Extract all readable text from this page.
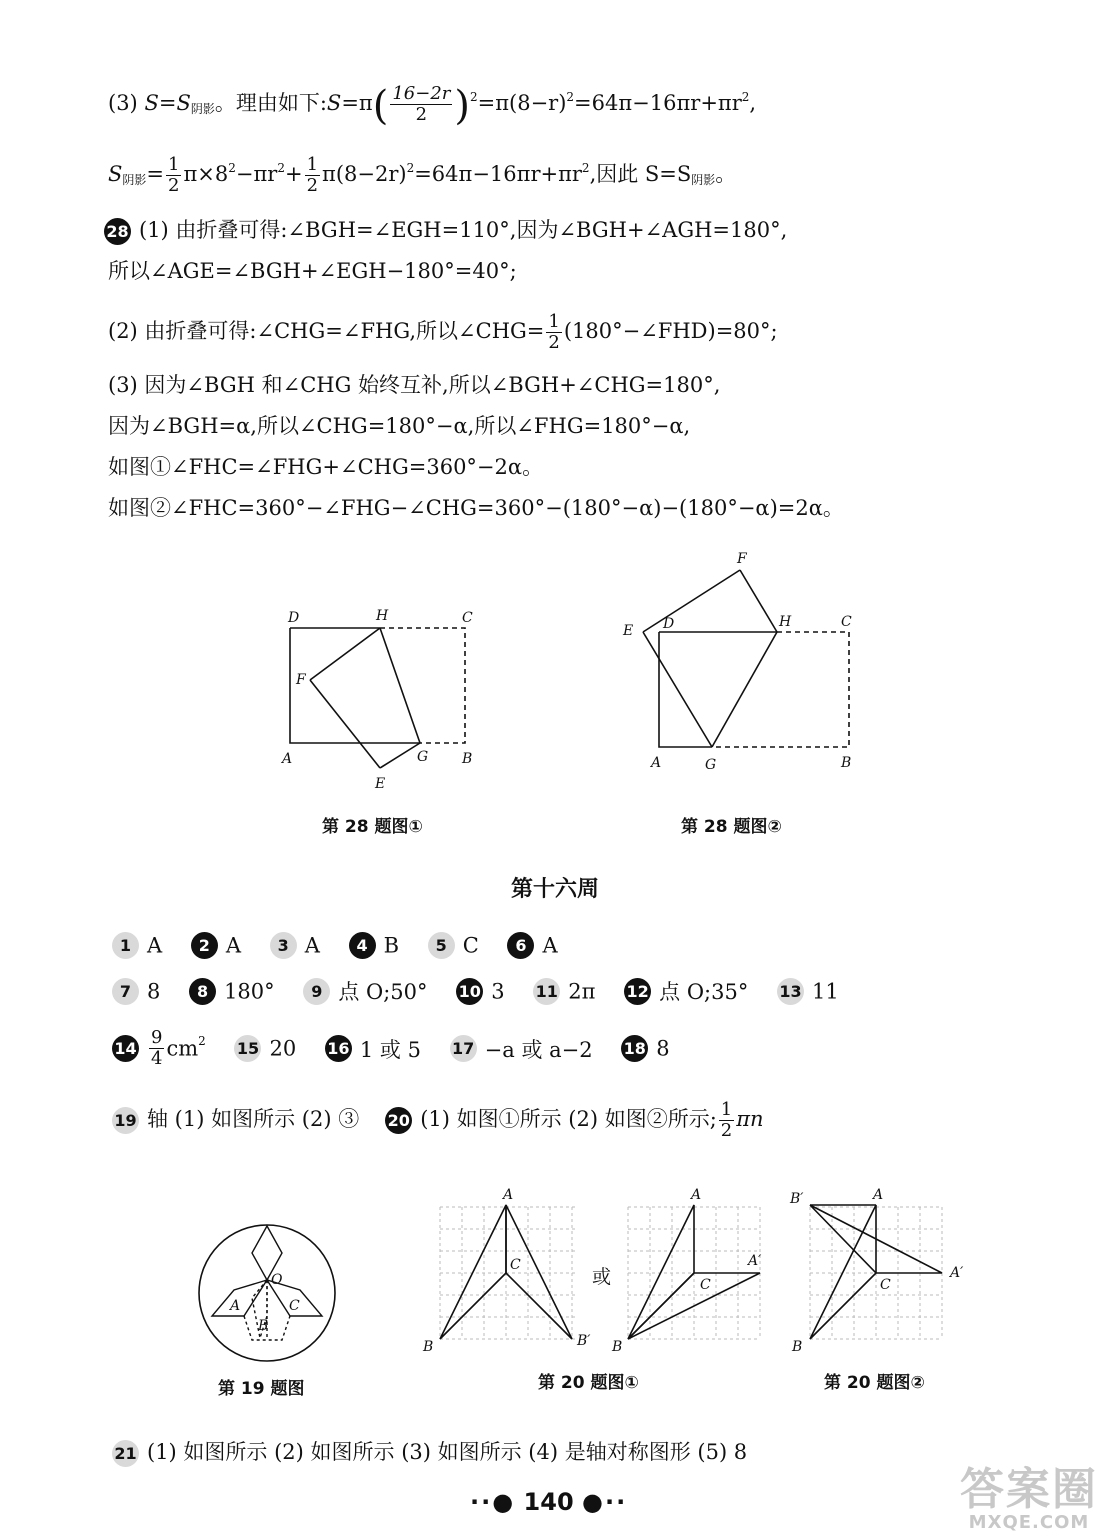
(3) $S=S_{阴影}$。理由如下:S=π( $\frac{16-2r}{2} )^2=\pi(8-r)^2=64\pi-16\pi r+\pi r^2$,
$S_{阴影}= \frac{1}{2} \pi\times 8^2-\pi r^2+ \frac{1}{2} \pi(8-2r)^2=64\pi-16\pi r+\pi r^2$,因此 $S=S_{阴影}$。
28 (1) 由折叠可得:∠BGH=∠EGH=110°,因为∠BGH+∠AGH=180°,
所以∠AGE=∠BGH+∠EGH−180°=40°;
(2) 由折叠可得:∠CHG=∠FHG,所以∠CHG= $\frac{1}{2}$ (180°−∠FHD)=80°;
(3) 因为∠BGH 和∠CHG 始终互补,所以∠BGH+∠CHG=180°,
因为∠BGH=α,所以∠CHG=180°−α,所以∠FHG=180°−α,
如图①∠FHC=∠FHG+∠CHG=360°−2α。
如图②∠FHC=360°−∠FHG−∠CHG=360°−(180°−α)−(180°−α)=2α。
D	H	C
F
A
E
G B
第 28 题图①
F
E D	H	C
A	G	B
第 28 题图②
第十六周
1 A 2 A 3 A 4 B 5 C 6 A
7 8 8 180° 9 点 O;50° 10 3 11 2π 12 点 O;35° 13 11
$14 \frac{9}{4} cm^2$ 15 20 16 1 或 5 17 −a 或 a−2 18 8
19 轴 (1) 如图所示 (2) ③ 20 (1) 如图①所示 (2) 如图②所示; $\frac{1}{2}$ πn
O
A	C
B
第 19 题图
A
C
B	B′
或
A
A′
C
B
第 20 题图①
B′	A
A′
C
B
第 20 题图②
21 (1) 如图所示 (2) 如图所示 (3) 如图所示 (4) 是轴对称图形 (5) 8
··● 140 ●··	答案圈
MXQE.COM
